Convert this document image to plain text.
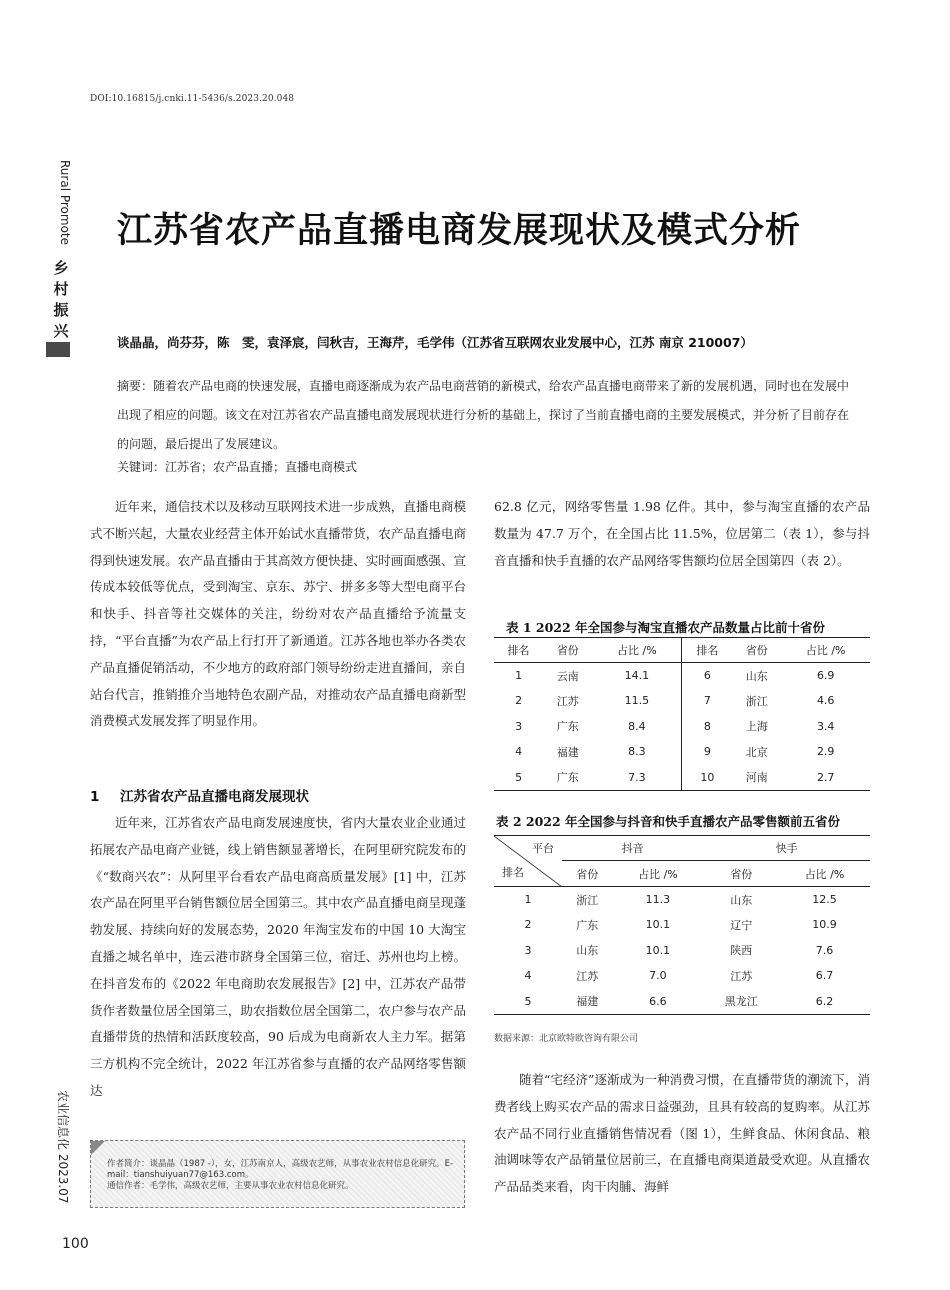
DOI:10.16815/j.cnki.11-5436/s.2023.20.048
Rural Promote
乡
村
振
兴
农业信息化 2023.07
100
江苏省农产品直播电商发展现状及模式分析
谈晶晶，尚芬芬，陈　雯，袁泽宸，闫秋吉，王海芹，毛学伟（江苏省互联网农业发展中心，江苏 南京 210007）
摘要：随着农产品电商的快速发展，直播电商逐渐成为农产品电商营销的新模式，给农产品直播电商带来了新的发展机遇，同时也在发展中出现了相应的问题。该文在对江苏省农产品直播电商发展现状进行分析的基础上，探讨了当前直播电商的主要发展模式，并分析了目前存在的问题，最后提出了发展建议。
关键词：江苏省；农产品直播；直播电商模式

近年来，通信技术以及移动互联网技术进一步成熟，直播电商模式不断兴起，大量农业经营主体开始试水直播带货，农产品直播电商得到快速发展。农产品直播由于其高效方便快捷、实时画面感强、宣传成本较低等优点，受到淘宝、京东、苏宁、拼多多等大型电商平台和快手、抖音等社交媒体的关注，纷纷对农产品直播给予流量支持，“平台直播”为农产品上行打开了新通道。江苏各地也举办各类农产品直播促销活动，不少地方的政府部门领导纷纷走进直播间，亲自站台代言，推销推介当地特色农副产品，对推动农产品直播电商新型消费模式发展发挥了明显作用。

1 江苏省农产品直播电商发展现状

近年来，江苏省农产品电商发展速度快，省内大量农业企业通过拓展农产品电商产业链，线上销售额显著增长，在阿里研究院发布的《“数商兴农”：从阿里平台看农产品电商高质量发展》[1] 中，江苏农产品在阿里平台销售额位居全国第三。其中农产品直播电商呈现蓬勃发展、持续向好的发展态势，2020 年淘宝发布的中国 10 大淘宝直播之城名单中，连云港市跻身全国第三位，宿迁、苏州也均上榜。在抖音发布的《2022 年电商助农发展报告》[2] 中，江苏农产品带货作者数量位居全国第三，助农指数位居全国第二，农户参与农产品直播带货的热情和活跃度较高，90 后成为电商新农人主力军。据第三方机构不完全统计，2022 年江苏省参与直播的农产品网络零售额达

62.8 亿元，网络零售量 1.98 亿件。其中，参与淘宝直播的农产品数量为 47.7 万个，在全国占比 11.5%，位居第二（表 1），参与抖音直播和快手直播的农产品网络零售额均位居全国第四（表 2）。

表 1 2022 年全国参与淘宝直播农产品数量占比前十省份
排名	省份	占比 /%	排名	省份	占比 /%
1	云南	14.1	6	山东	6.9
2	江苏	11.5	7	浙江	4.6
3	广东	8.4	8	上海	3.4
4	福建	8.3	9	北京	2.9
5	广东	7.3	10	河南	2.7
表 2 2022 年全国参与抖音和快手直播农产品零售额前五省份
平台
排名	抖音		快手	
	省份	占比 /%	省份	占比 /%
1	浙江	11.3	山东	12.5
2	广东	10.1	辽宁	10.9
3	山东	10.1	陕西	7.6
4	江苏	7.0	江苏	6.7
5	福建	6.6	黑龙江	6.2
数据来源：北京欧特欧咨询有限公司

随着“宅经济”逐渐成为一种消费习惯，在直播带货的潮流下，消费者线上购买农产品的需求日益强劲，且具有较高的复购率。从江苏农产品不同行业直播销售情况看（图 1），生鲜食品、休闲食品、粮油调味等农产品销量位居前三，在直播电商渠道最受欢迎。从直播农产品品类来看，肉干肉脯、海鲜

作者简介：谈晶晶（1987 -），女，江苏南京人，高级农艺师，从事农业农村信息化研究。E-mail：tianshuiyuan77@163.com。
通信作者：毛学伟，高级农艺师，主要从事农业农村信息化研究。
